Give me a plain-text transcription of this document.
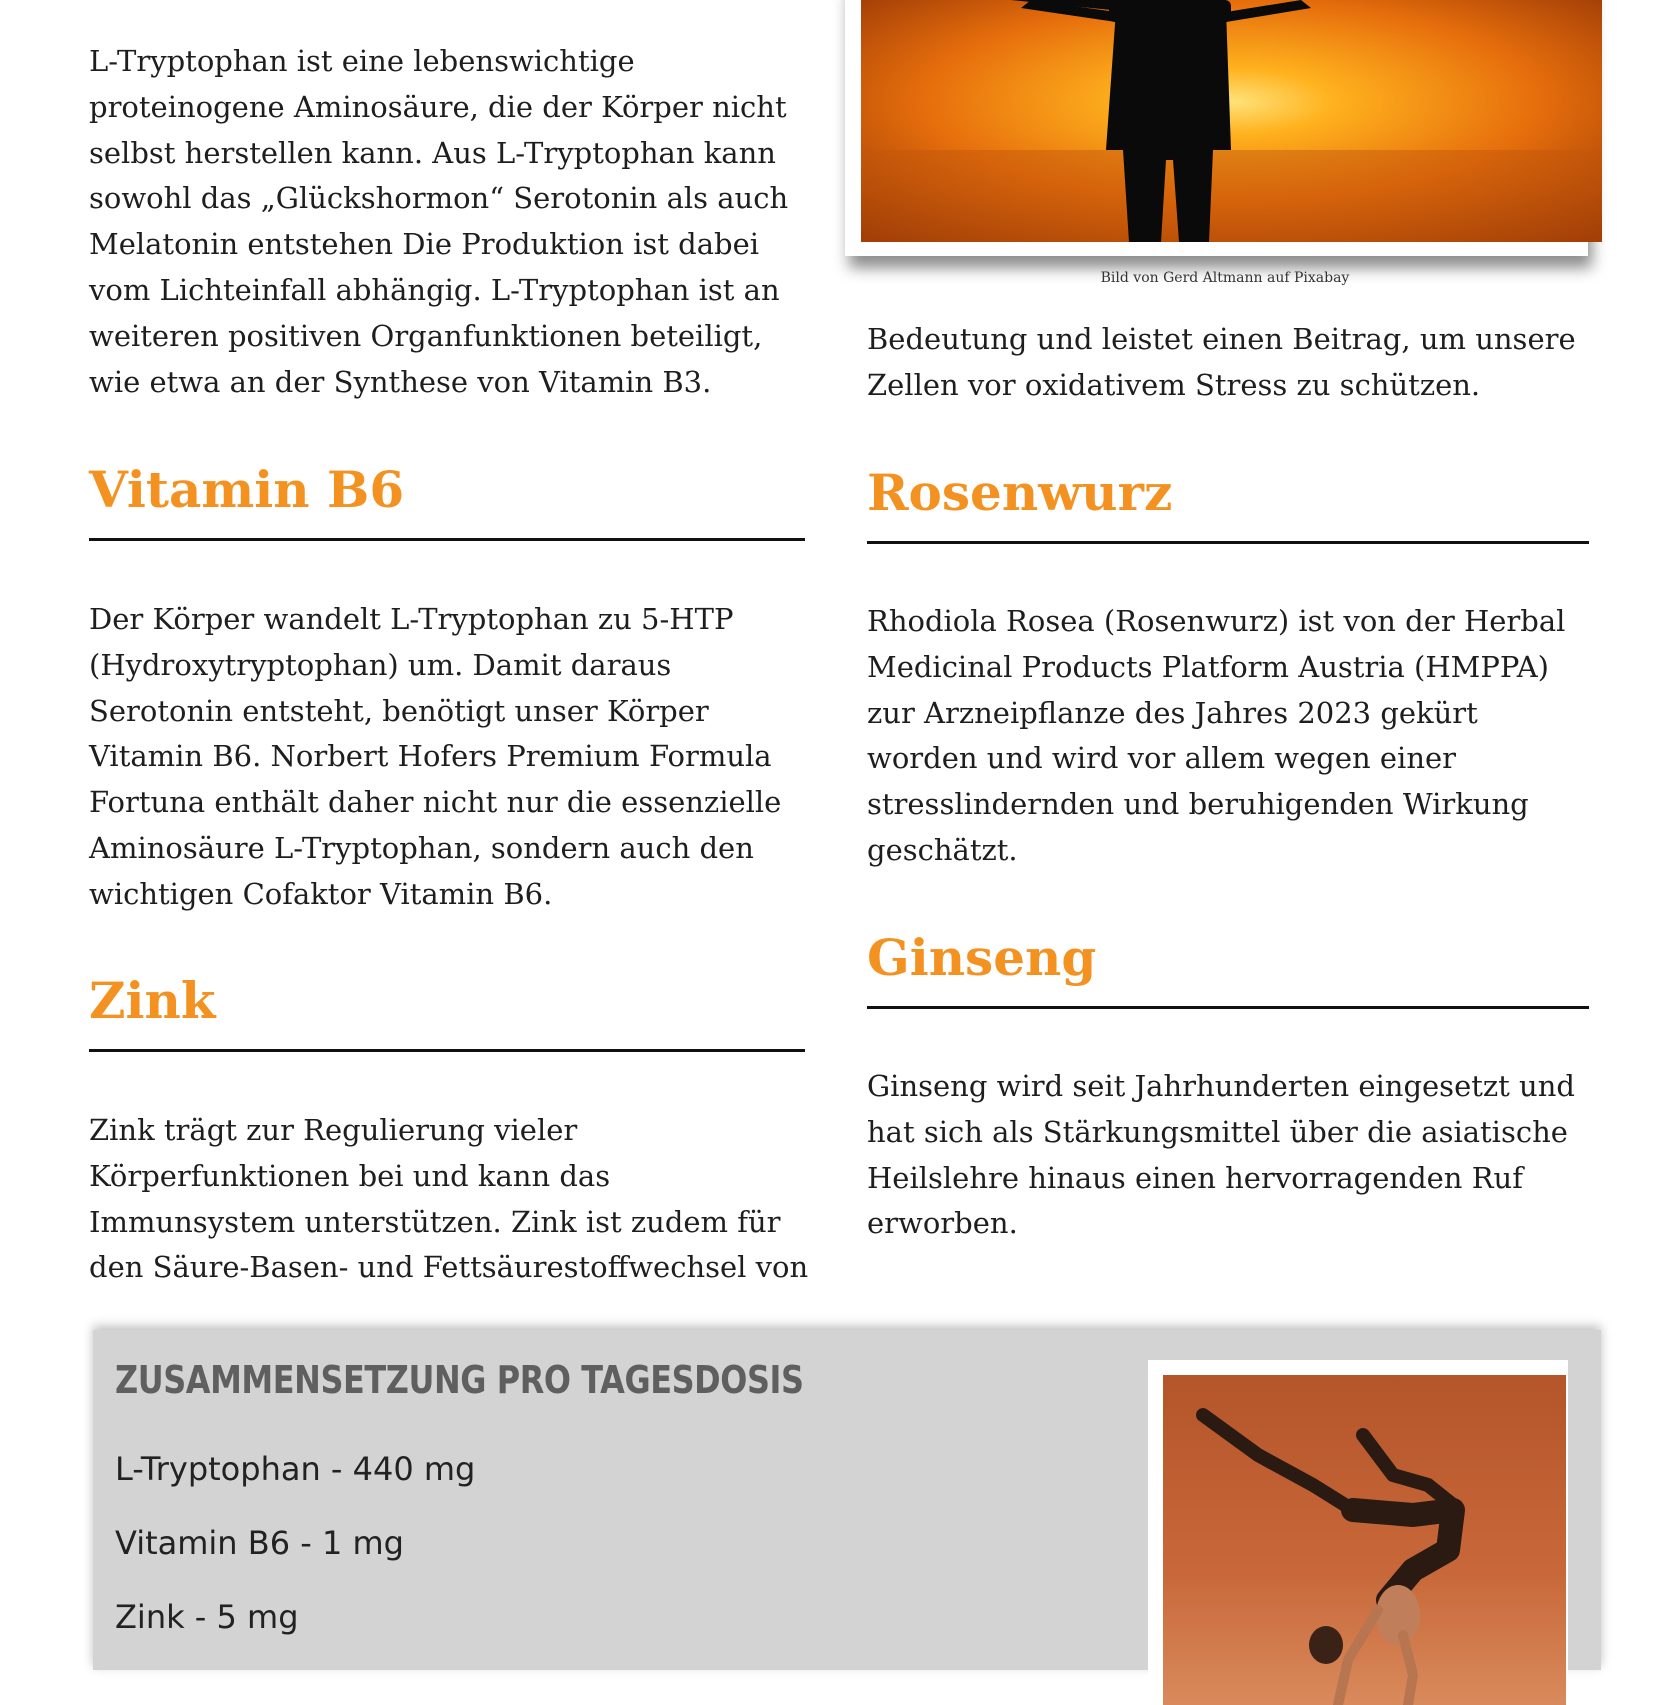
L-Tryptophan ist eine lebenswichtige
proteinogene Aminosäure, die der Körper nicht
selbst herstellen kann. Aus L-Tryptophan kann
sowohl das „Glückshormon“ Serotonin als auch
Melatonin entstehen Die Produktion ist dabei
vom Lichteinfall abhängig. L-Tryptophan ist an
weiteren positiven Organfunktionen beteiligt,
wie etwa an der Synthese von Vitamin B3.

Vitamin B6

Der Körper wandelt L-Tryptophan zu 5-HTP
(Hydroxytryptophan) um. Damit daraus
Serotonin entsteht, benötigt unser Körper
Vitamin B6. Norbert Hofers Premium Formula
Fortuna enthält daher nicht nur die essenzielle
Aminosäure L-Tryptophan, sondern auch den
wichtigen Cofaktor Vitamin B6.

Zink

Zink trägt zur Regulierung vieler
Körperfunktionen bei und kann das
Immunsystem unterstützen. Zink ist zudem für
den Säure-Basen- und Fettsäurestoffwechsel von

Bild von Gerd Altmann auf Pixabay

Bedeutung und leistet einen Beitrag, um unsere
Zellen vor oxidativem Stress zu schützen.

Rosenwurz

Rhodiola Rosea (Rosenwurz) ist von der Herbal
Medicinal Products Platform Austria (HMPPA)
zur Arzneipflanze des Jahres 2023 gekürt
worden und wird vor allem wegen einer
stresslindernden und beruhigenden Wirkung
geschätzt.

Ginseng

Ginseng wird seit Jahrhunderten eingesetzt und
hat sich als Stärkungsmittel über die asiatische
Heilslehre hinaus einen hervorragenden Ruf
erworben.

ZUSAMMENSETZUNG PRO TAGESDOSIS

L-Tryptophan - 440 mg

Vitamin B6 - 1 mg

Zink - 5 mg
